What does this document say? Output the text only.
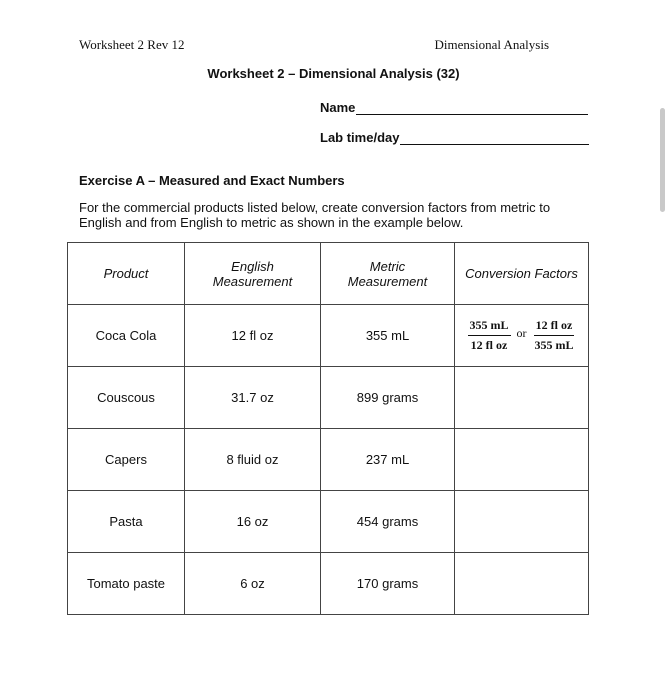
Worksheet 2 Rev 12	Dimensional Analysis
Worksheet 2 – Dimensional Analysis (32)
Name
Lab time/day
Exercise A – Measured and Exact Numbers
For the commercial products listed below, create conversion factors from metric to English and from English to metric as shown in the example below.
Product	English Measurement	Metric Measurement	Conversion Factors
Coca Cola	12 fl oz	355 mL	$\frac{355 mL}{\text{12 fl oz}}$ or $\frac{\text{12 fl oz}}{355 mL}$

Couscous	31.7 oz	899 grams	
Capers	8 fluid oz	237 mL	
Pasta	16 oz	454 grams	
Tomato paste	6 oz	170 grams	
